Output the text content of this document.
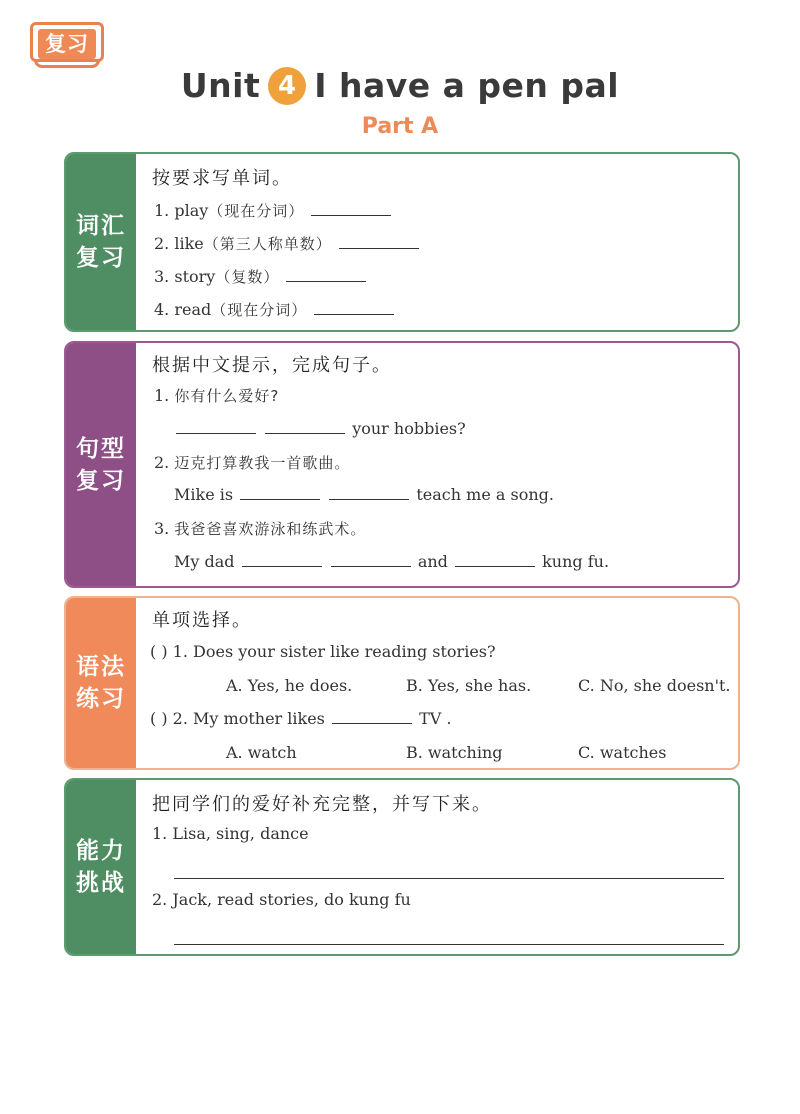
复习
Unit 4 I have a pen pal
Part A
词汇
复习
按要求写单词。
1. play（现在分词）
2. like（第三人称单数）
3. story（复数）
4. read（现在分词）
句型
复习
根据中文提示，完成句子。
1. 你有什么爱好?
your hobbies?
2. 迈克打算教我一首歌曲。
Mike is	teach me a song.
3. 我爸爸喜欢游泳和练武术。
My dad	and	kung fu.
语法
练习
单项选择。
( ) 1. Does your sister like reading stories?
A. Yes, he does.	B. Yes, she has.	C. No, she doesn't.
( ) 2. My mother likes	TV .
A. watch	B. watching	C. watches
能力
挑战
把同学们的爱好补充完整，并写下来。
1. Lisa, sing, dance
2. Jack, read stories, do kung fu
